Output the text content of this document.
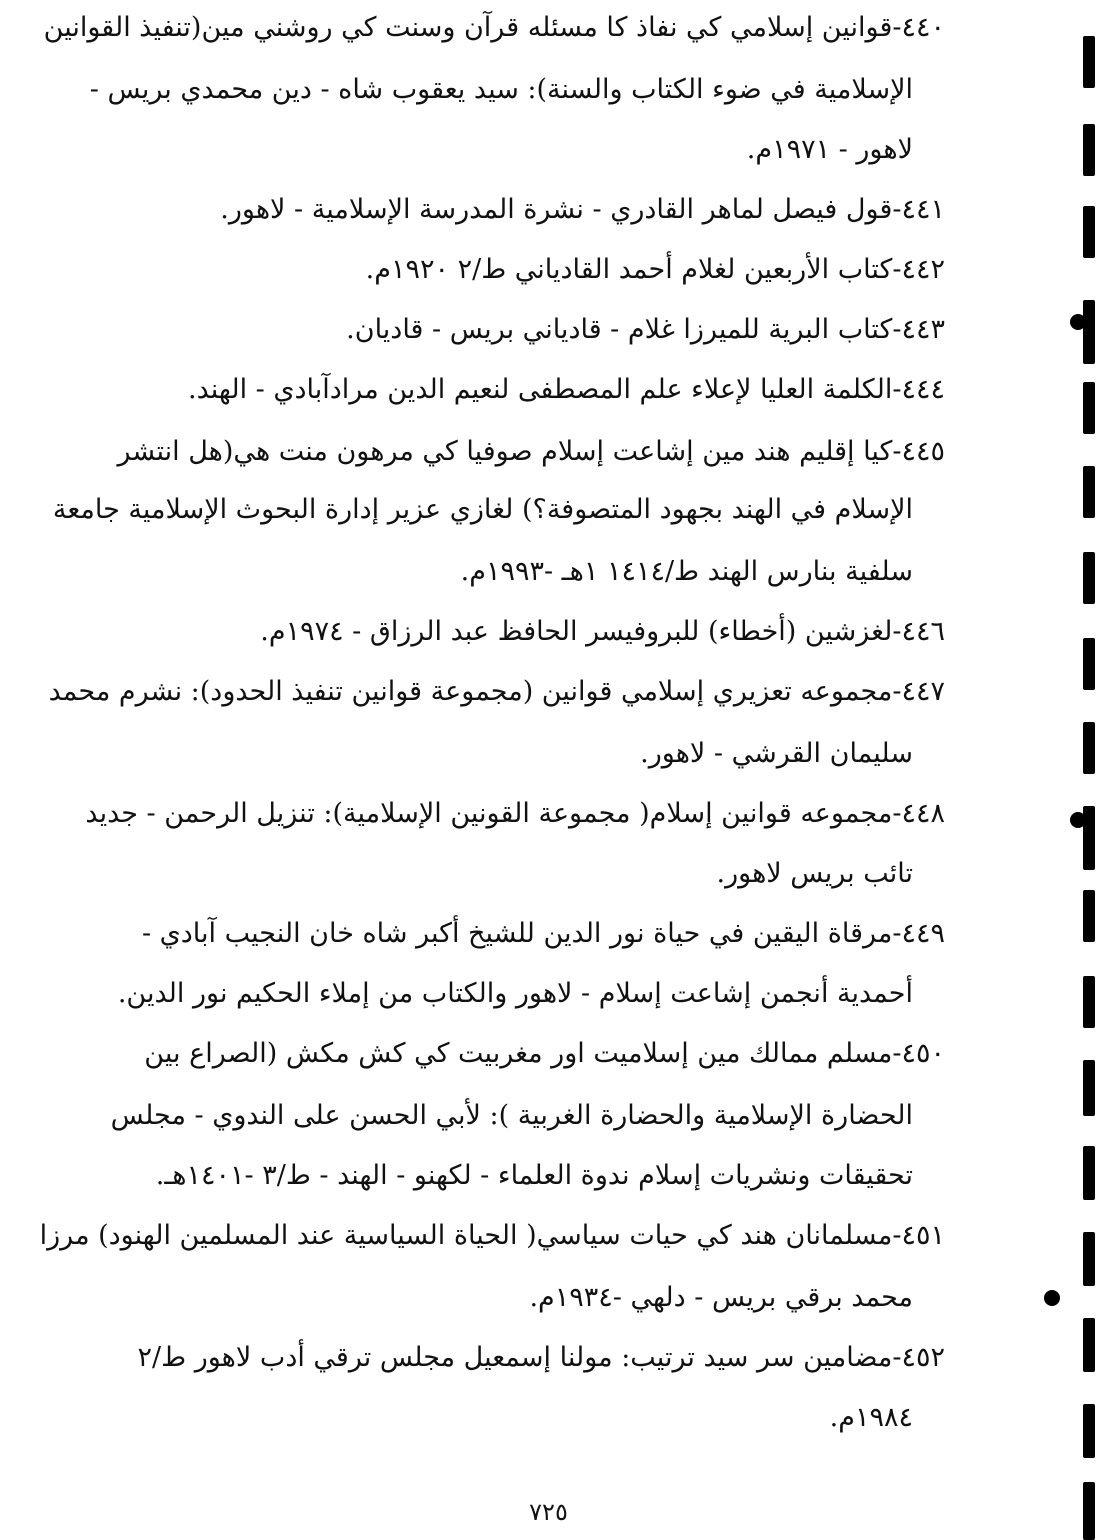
٤٤٠-قوانين إسلامي كي نفاذ كا مسئله قرآن وسنت كي روشني مين(تنفيذ القوانين
الإسلامية في ضوء الكتاب والسنة): سيد يعقوب شاه - دين محمدي بريس -
لاهور - ١٩٧١م.
٤٤١-قول فيصل لماهر القادري - نشرة المدرسة الإسلامية - لاهور.
٤٤٢-كتاب الأربعين لغلام أحمد القادياني ط/٢ ١٩٢٠م.
٤٤٣-كتاب البرية للميرزا غلام - قادياني بريس - قاديان.
٤٤٤-الكلمة العليا لإعلاء علم المصطفى لنعيم الدين مرادآبادي - الهند.
٤٤٥-كيا إقليم هند مين إشاعت إسلام صوفيا كي مرهون منت هي(هل انتشر
الإسلام في الهند بجهود المتصوفة؟) لغازي عزير إدارة البحوث الإسلامية جامعة
سلفية بنارس الهند ط/١٤١٤ ١هـ -١٩٩٣م.
٤٤٦-لغزشين (أخطاء) للبروفيسر الحافظ عبد الرزاق - ١٩٧٤م.
٤٤٧-مجموعه تعزيري إسلامي قوانين (مجموعة قوانين تنفيذ الحدود): نشرم محمد
سليمان القرشي - لاهور.
٤٤٨-مجموعه قوانين إسلام( مجموعة القونين الإسلامية): تنزيل الرحمن - جديد
تائب بريس لاهور.
٤٤٩-مرقاة اليقين في حياة نور الدين للشيخ أكبر شاه خان النجيب آبادي -
أحمدية أنجمن إشاعت إسلام - لاهور والكتاب من إملاء الحكيم نور الدين.
٤٥٠-مسلم ممالك مين إسلاميت اور مغربيت كي كش مكش (الصراع بين
الحضارة الإسلامية والحضارة الغربية ): لأبي الحسن على الندوي - مجلس
تحقيقات ونشريات إسلام ندوة العلماء - لكهنو - الهند - ط/٣ -١٤٠١هـ.
٤٥١-مسلمانان هند كي حيات سياسي( الحياة السياسية عند المسلمين الهنود) مرزا
محمد برقي بريس - دلهي -١٩٣٤م.
٤٥٢-مضامين سر سيد ترتيب: مولنا إسمعيل مجلس ترقي أدب لاهور ط/٢
١٩٨٤م.
٧٢٥
